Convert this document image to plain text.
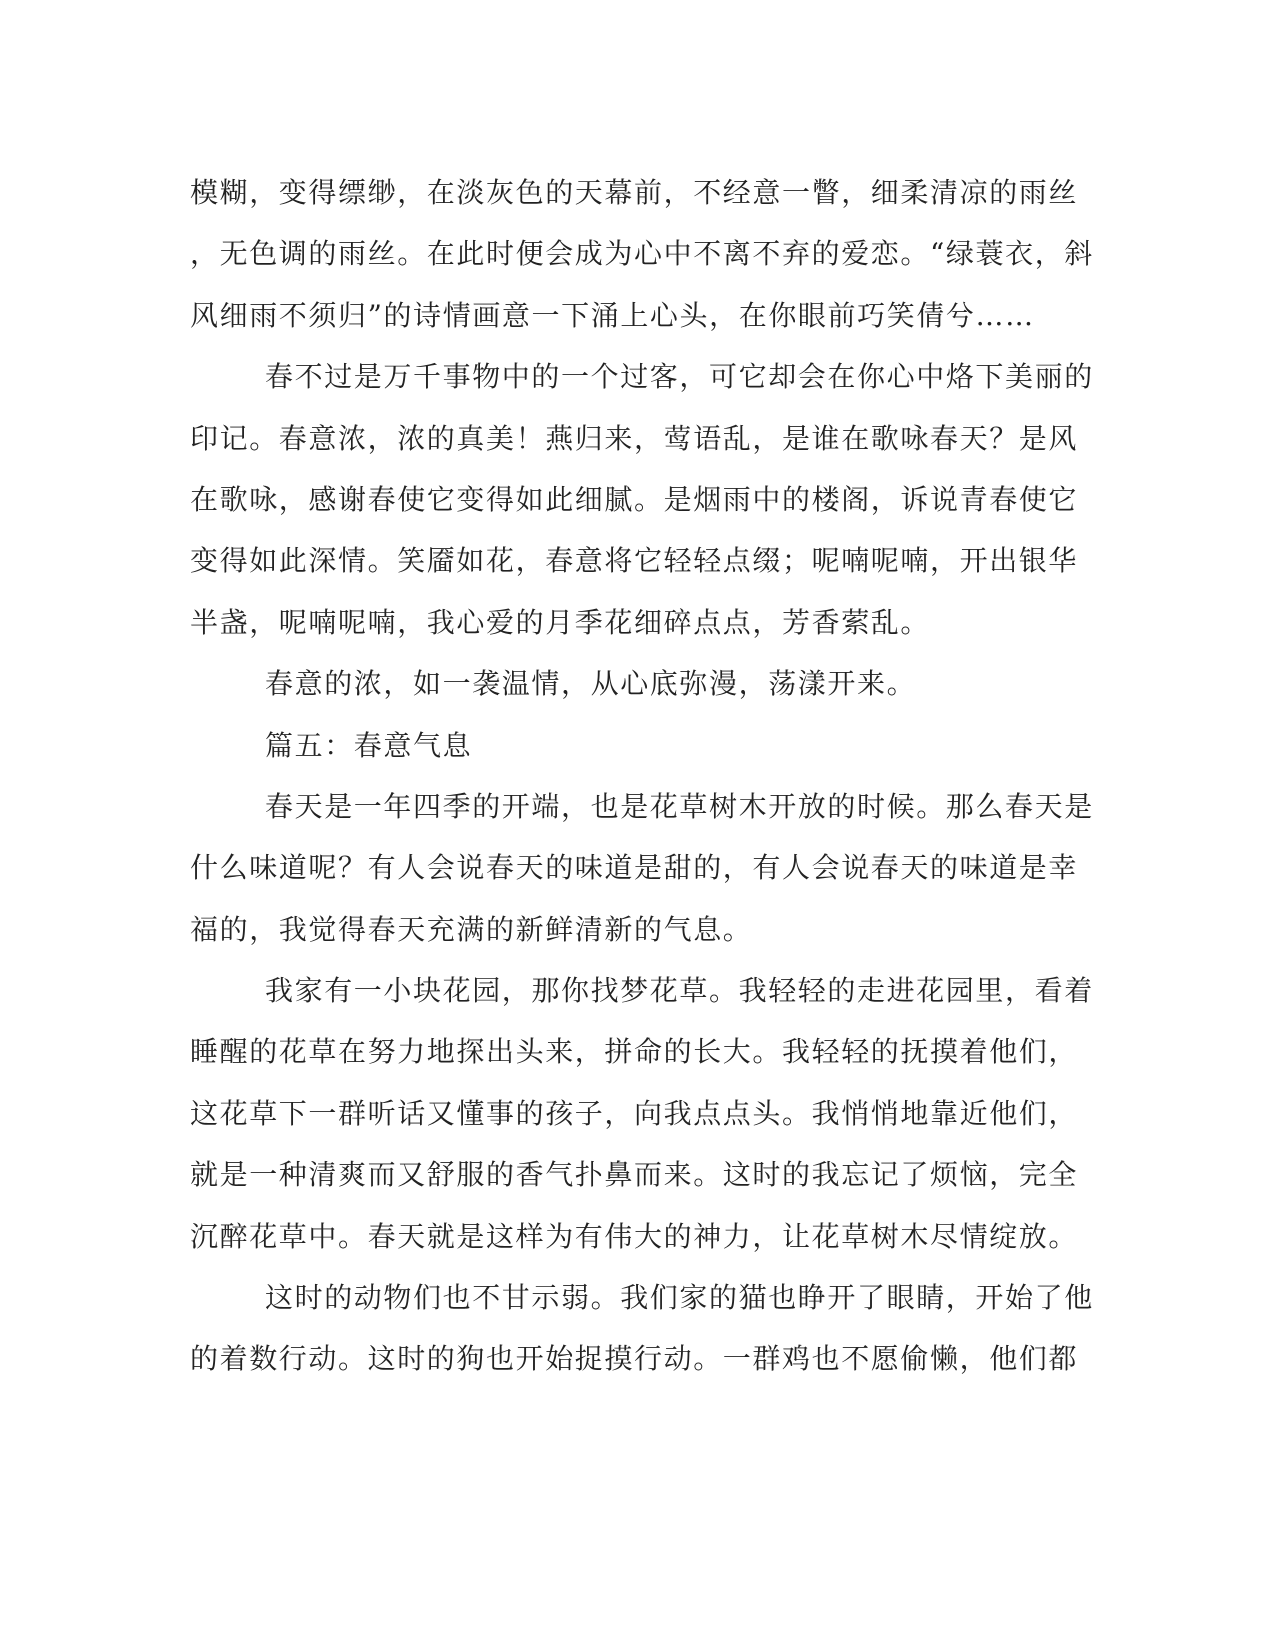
模糊，变得缥缈，在淡灰色的天幕前，不经意一瞥，细柔清凉的雨丝
，无色调的雨丝。在此时便会成为心中不离不弃的爱恋。“绿蓑衣，斜
风细雨不须归”的诗情画意一下涌上心头，在你眼前巧笑倩兮……
春不过是万千事物中的一个过客，可它却会在你心中烙下美丽的
印记。春意浓，浓的真美！燕归来，莺语乱，是谁在歌咏春天？是风
在歌咏，感谢春使它变得如此细腻。是烟雨中的楼阁，诉说青春使它
变得如此深情。笑靥如花，春意将它轻轻点缀；呢喃呢喃，开出银华
半盏，呢喃呢喃，我心爱的月季花细碎点点，芳香萦乱。
春意的浓，如一袭温情，从心底弥漫，荡漾开来。
篇五：春意气息
春天是一年四季的开端，也是花草树木开放的时候。那么春天是
什么味道呢？有人会说春天的味道是甜的，有人会说春天的味道是幸
福的，我觉得春天充满的新鲜清新的气息。
我家有一小块花园，那你找梦花草。我轻轻的走进花园里，看着
睡醒的花草在努力地探出头来，拼命的长大。我轻轻的抚摸着他们，
这花草下一群听话又懂事的孩子，向我点点头。我悄悄地靠近他们，
就是一种清爽而又舒服的香气扑鼻而来。这时的我忘记了烦恼，完全
沉醉花草中。春天就是这样为有伟大的神力，让花草树木尽情绽放。
这时的动物们也不甘示弱。我们家的猫也睁开了眼睛，开始了他
的着数行动。这时的狗也开始捉摸行动。一群鸡也不愿偷懒，他们都
